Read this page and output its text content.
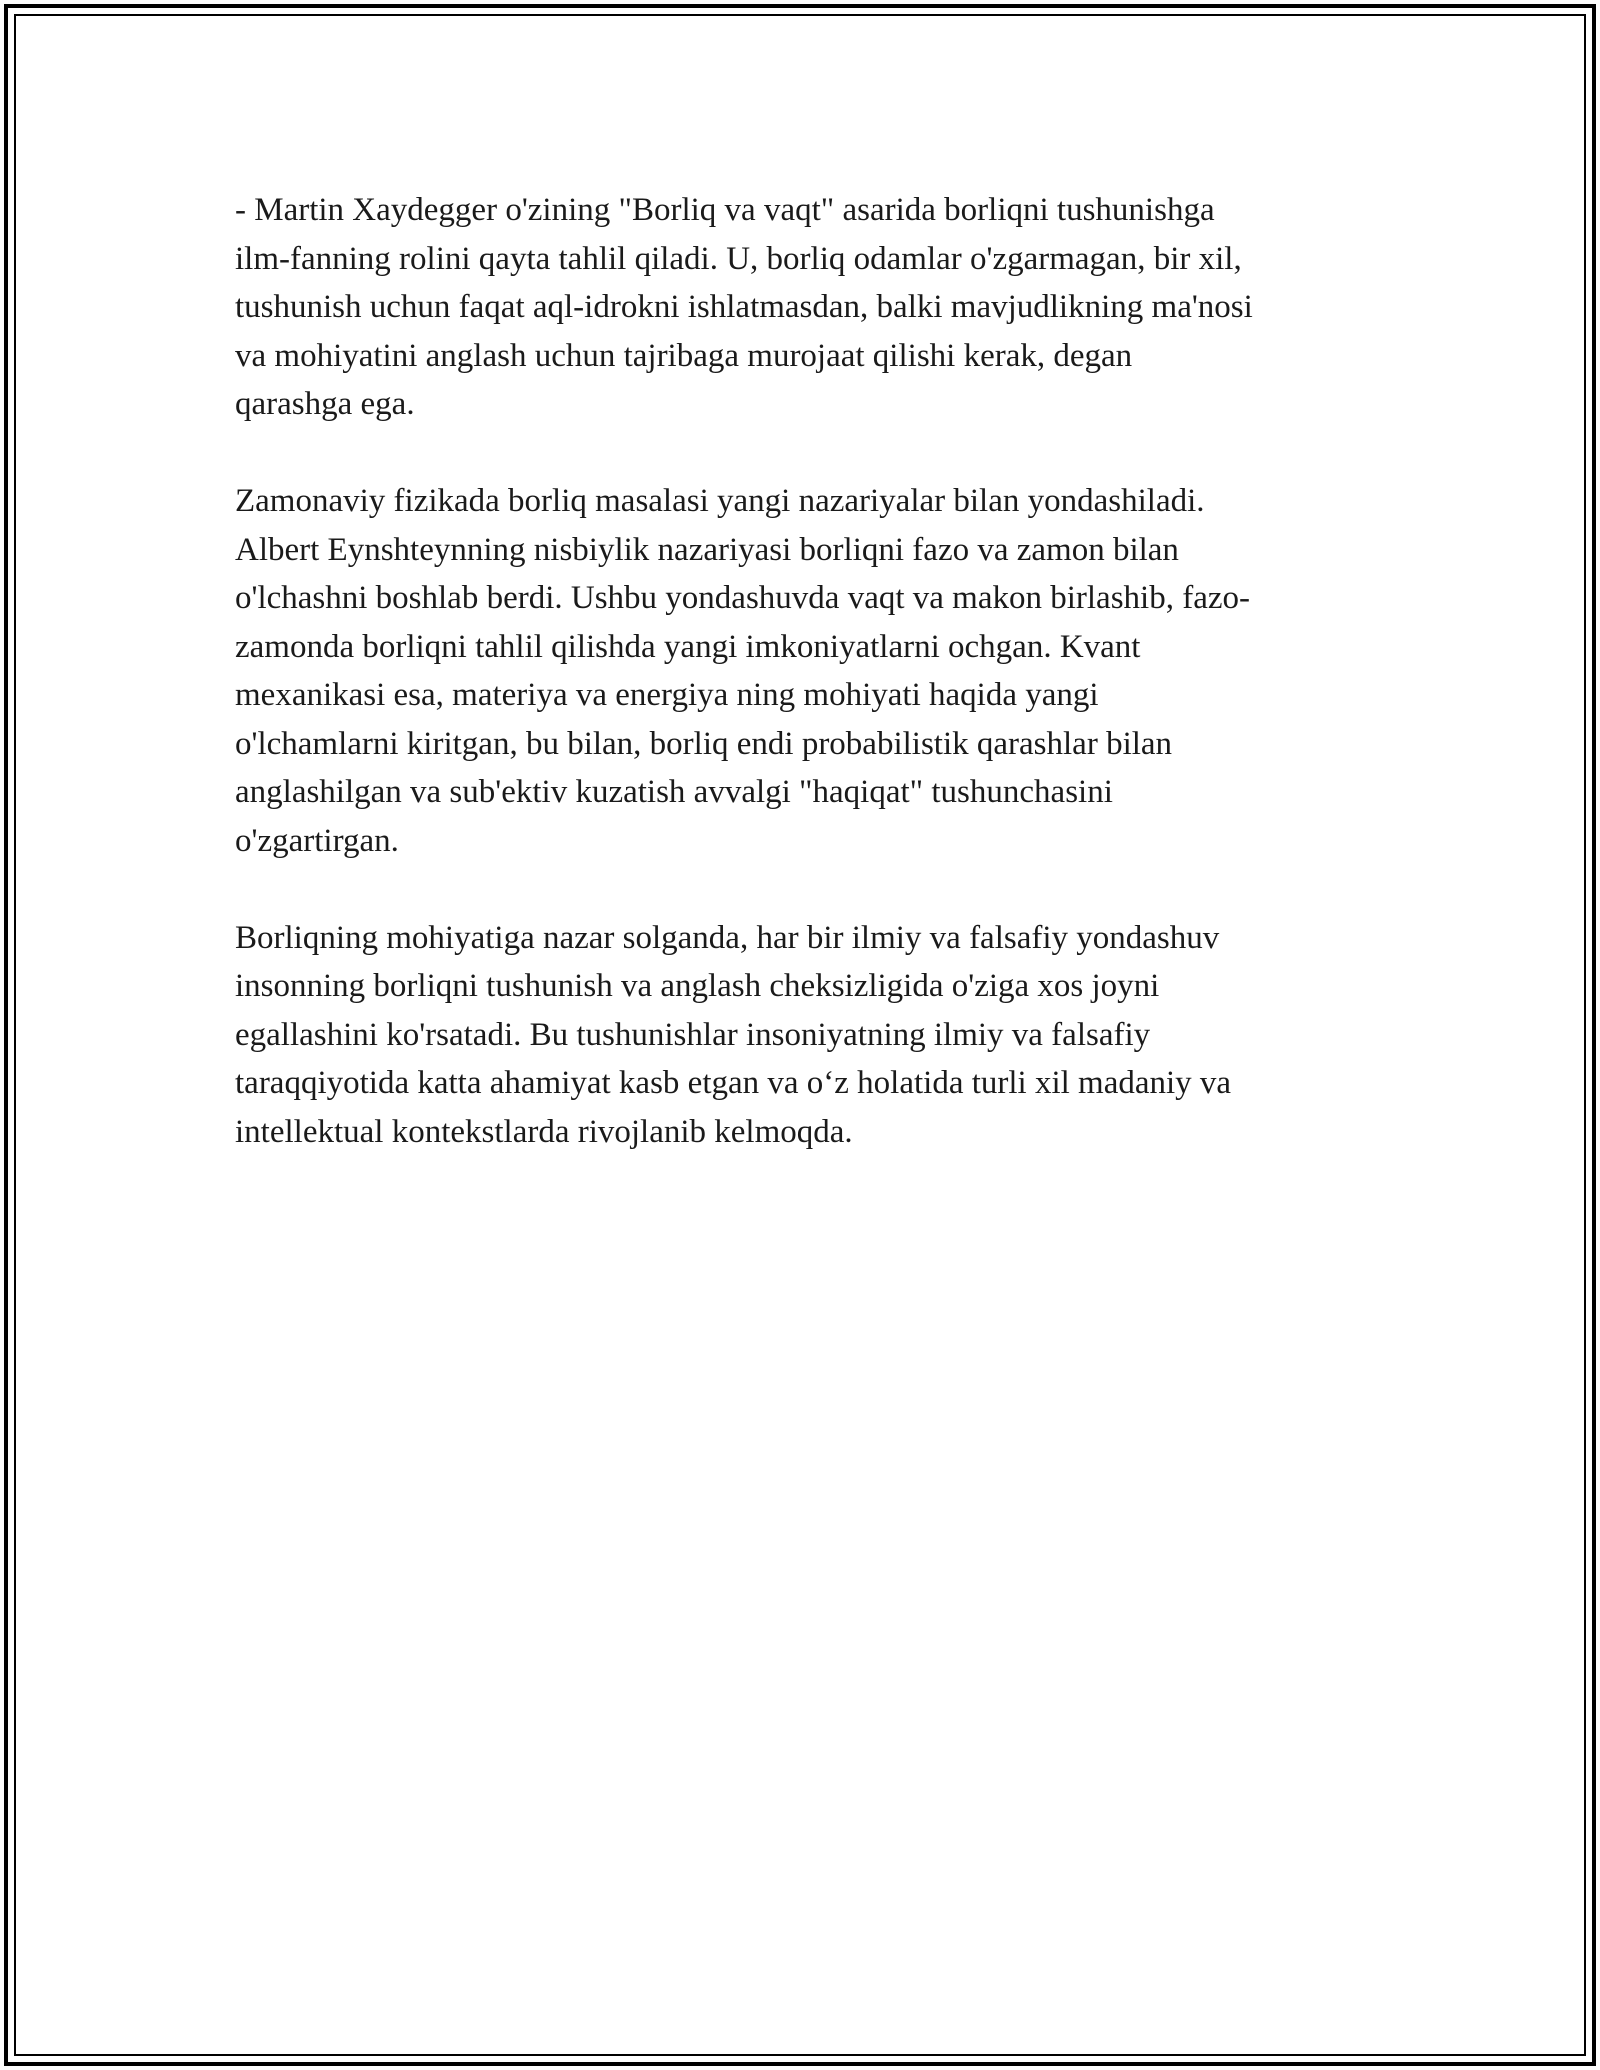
- Martin Xaydegger o'zining "Borliq va vaqt" asarida borliqni tushunishga
ilm-fanning rolini qayta tahlil qiladi. U, borliq odamlar o'zgarmagan, bir xil,
tushunish uchun faqat aql-idrokni ishlatmasdan, balki mavjudlikning ma'nosi
va mohiyatini anglash uchun tajribaga murojaat qilishi kerak, degan
qarashga ega.

Zamonaviy fizikada borliq masalasi yangi nazariyalar bilan yondashiladi.
Albert Eynshteynning nisbiylik nazariyasi borliqni fazo va zamon bilan
o'lchashni boshlab berdi. Ushbu yondashuvda vaqt va makon birlashib, fazo-
zamonda borliqni tahlil qilishda yangi imkoniyatlarni ochgan. Kvant
mexanikasi esa, materiya va energiya ning mohiyati haqida yangi
o'lchamlarni kiritgan, bu bilan, borliq endi probabilistik qarashlar bilan
anglashilgan va sub'ektiv kuzatish avvalgi "haqiqat" tushunchasini
o'zgartirgan.

Borliqning mohiyatiga nazar solganda, har bir ilmiy va falsafiy yondashuv
insonning borliqni tushunish va anglash cheksizligida o'ziga xos joyni
egallashini ko'rsatadi. Bu tushunishlar insoniyatning ilmiy va falsafiy
taraqqiyotida katta ahamiyat kasb etgan va o‘z holatida turli xil madaniy va
intellektual kontekstlarda rivojlanib kelmoqda.
